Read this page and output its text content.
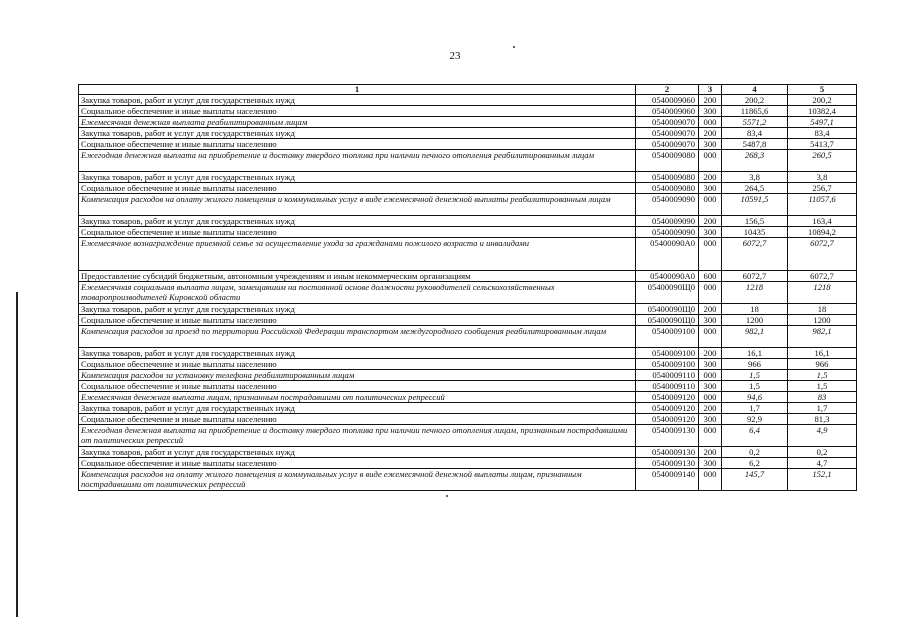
23
1	2	3	4	5
Закупка товаров, работ и услуг для государственных нужд	0540009060	200	200,2	200,2
Социальное обеспечение и иные выплаты населению	0540009060	300	11865,6	10382,4
Ежемесячная денежная выплата реабилитированным лицам	0540009070	000	5571,2	5497,1
Закупка товаров, работ и услуг для государственных нужд	0540009070	200	83,4	83,4
Социальное обеспечение и иные выплаты населению	0540009070	300	5487,8	5413,7
Ежегодная денежная выплата на приобретение и доставку твердого топлива при наличии печного отопления реабилитированным лицам	0540009080	000	268,3	260,5
Закупка товаров, работ и услуг для государственных нужд	0540009080	200	3,8	3,8
Социальное обеспечение и иные выплаты населению	0540009080	300	264,5	256,7
Компенсация расходов на оплату жилого помещения и коммунальных услуг в виде ежемесячной денежной выплаты реабилитированным лицам	0540009090	000	10591,5	11057,6
Закупка товаров, работ и услуг для государственных нужд	0540009090	200	156,5	163,4
Социальное обеспечение и иные выплаты населению	0540009090	300	10435	10894,2
Ежемесячное вознаграждение приемной семье за осуществление ухода за гражданами пожилого возраста и инвалидами	05400090А0	000	6072,7	6072,7
Предоставление субсидий бюджетным, автономным учреждениям и иным некоммерческим организациям	05400090А0	600	6072,7	6072,7
Ежемесячная социальная выплата лицам, замещавшим на постоянной основе должности руководителей сельскохозяйственных товаропроизводителей Кировской области	05400090Щ0	000	1218	1218
Закупка товаров, работ и услуг для государственных нужд	05400090Щ0	200	18	18
Социальное обеспечение и иные выплаты населению	05400090Щ0	300	1200	1200
Компенсация расходов за проезд по территории Российской Федерации транспортом междугородного сообщения реабилитированным лицам	0540009100	000	982,1	982,1
Закупка товаров, работ и услуг для государственных нужд	0540009100	200	16,1	16,1
Социальное обеспечение и иные выплаты населению	0540009100	300	966	966
Компенсация расходов за установку телефона реабилитированным лицам	0540009110	000	1,5	1,5
Социальное обеспечение и иные выплаты населению	0540009110	300	1,5	1,5
Ежемесячная денежная выплата лицам, признанным пострадавшими от политических репрессий	0540009120	000	94,6	83
Закупка товаров, работ и услуг для государственных нужд	0540009120	200	1,7	1,7
Социальное обеспечение и иные выплаты населению	0540009120	300	92,9	81,3
Ежегодная денежная выплата на приобретение и доставку твердого топлива при наличии печного отопления лицам, признанным пострадавшими от политических репрессий	0540009130	000	6,4	4,9
Закупка товаров, работ и услуг для государственных нужд	0540009130	200	0,2	0,2
Социальное обеспечение и иные выплаты населению	0540009130	300	6,2	4,7
Компенсация расходов на оплату жилого помещения и коммунальных услуг в виде ежемесячной денежной выплаты лицам, признанным пострадавшими от политических репрессий	0540009140	000	145,7	152,1
